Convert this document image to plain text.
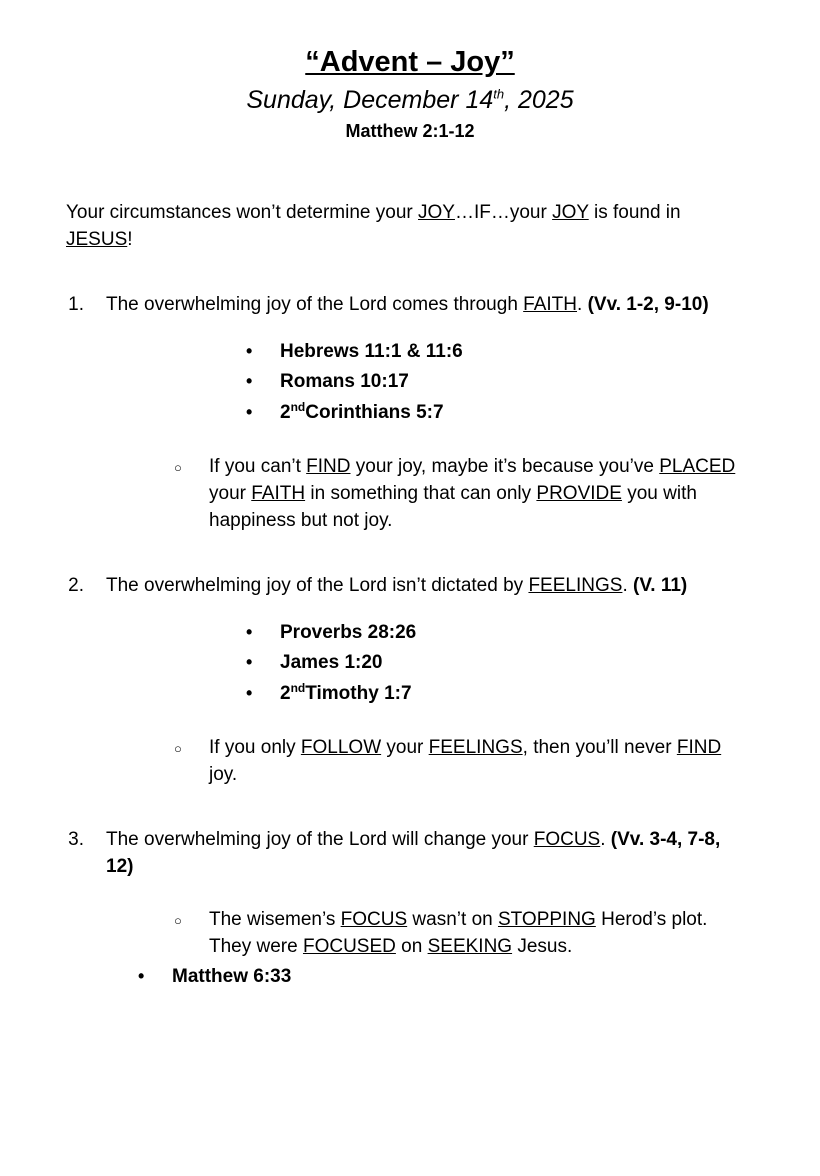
“Advent – Joy”
Sunday, December 14th, 2025
Matthew 2:1-12

Your circumstances won’t determine your JOY…IF…your JOY is found in JESUS!

1.	The overwhelming joy of the Lord comes through FAITH. (Vv. 1-2, 9-10)
•
Hebrews 11:1 & 11:6
•
Romans 10:17
•
2 nd Corinthians 5:7
○
If you can’t FIND your joy, maybe it’s because you’ve PLACED your FAITH in something that can only PROVIDE you with happiness but not joy.
2.	The overwhelming joy of the Lord isn’t dictated by FEELINGS. (V. 11)
•
Proverbs 28:26
•
James 1:20
•
2 nd Timothy 1:7
○
If you only FOLLOW your FEELINGS, then you’ll never FIND joy.
3.	The overwhelming joy of the Lord will change your FOCUS. (Vv. 3-4, 7-8, 12)
○
The wisemen’s FOCUS wasn’t on STOPPING Herod’s plot. They were FOCUSED on SEEKING Jesus.
•
Matthew 6:33
